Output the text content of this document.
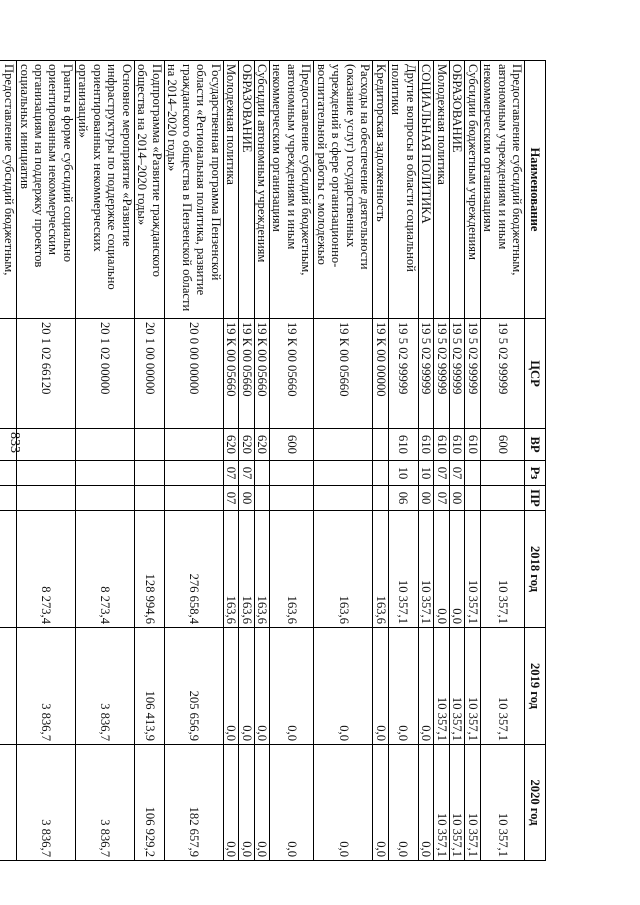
833
Наименование	ЦСР	ВР	Рз	ПР	2018 год	2019 год	2020 год
Предоставление субсидий бюджетным, автономным учреждениям и иным некоммерческим организациям	19 5 02 99999	600			10 357,1	10 357,1	10 357,1
Субсидии бюджетным учреждениям	19 5 02 99999	610			10 357,1	10 357,1	10 357,1
ОБРАЗОВАНИЕ	19 5 02 99999	610	07	00	0,0	10 357,1	10 357,1
Молодежная политика	19 5 02 99999	610	07	07	0,0	10 357,1	10 357,1
СОЦИАЛЬНАЯ ПОЛИТИКА	19 5 02 99999	610	10	00	10 357,1	0,0	0,0
Другие вопросы в области социальной политики	19 5 02 99999	610	10	06	10 357,1	0,0	0,0
Кредиторская задолженность	19 К 00 00000				163,6	0,0	0,0
Расходы на обеспечение деятельности (оказание услуг) государственных учреждений в сфере организационно-воспитательной работы с молодежью	19 К 00 05660				163,6	0,0	0,0
Предоставление субсидий бюджетным, автономным учреждениям и иным некоммерческим организациям	19 К 00 05660	600			163,6	0,0	0,0
Субсидии автономным учреждениям	19 К 00 05660	620			163,6	0,0	0,0
ОБРАЗОВАНИЕ	19 К 00 05660	620	07	00	163,6	0,0	0,0
Молодежная политика	19 К 00 05660	620	07	07	163,6	0,0	0,0
Государственная программа Пензенской области «Региональная политика, развитие гражданского общества в Пензенской области на 2014–2020 годы»	20 0 00 00000				276 658,4	205 656,9	182 657,9
Подпрограмма «Развитие гражданского общества на 2014–2020 годы»	20 1 00 00000				128 994,6	106 413,9	106 929,2
Основное мероприятие «Развитие инфраструктуры по поддержке социально ориентированных некоммерческих организаций»	20 1 02 00000				8 273,4	3 836,7	3 836,7
Гранты в форме субсидий социально ориентированным некоммерческим организациям на поддержку проектов социальных инициатив	20 1 02 66120				8 273,4	3 836,7	3 836,7
Предоставление субсидий бюджетным,							
